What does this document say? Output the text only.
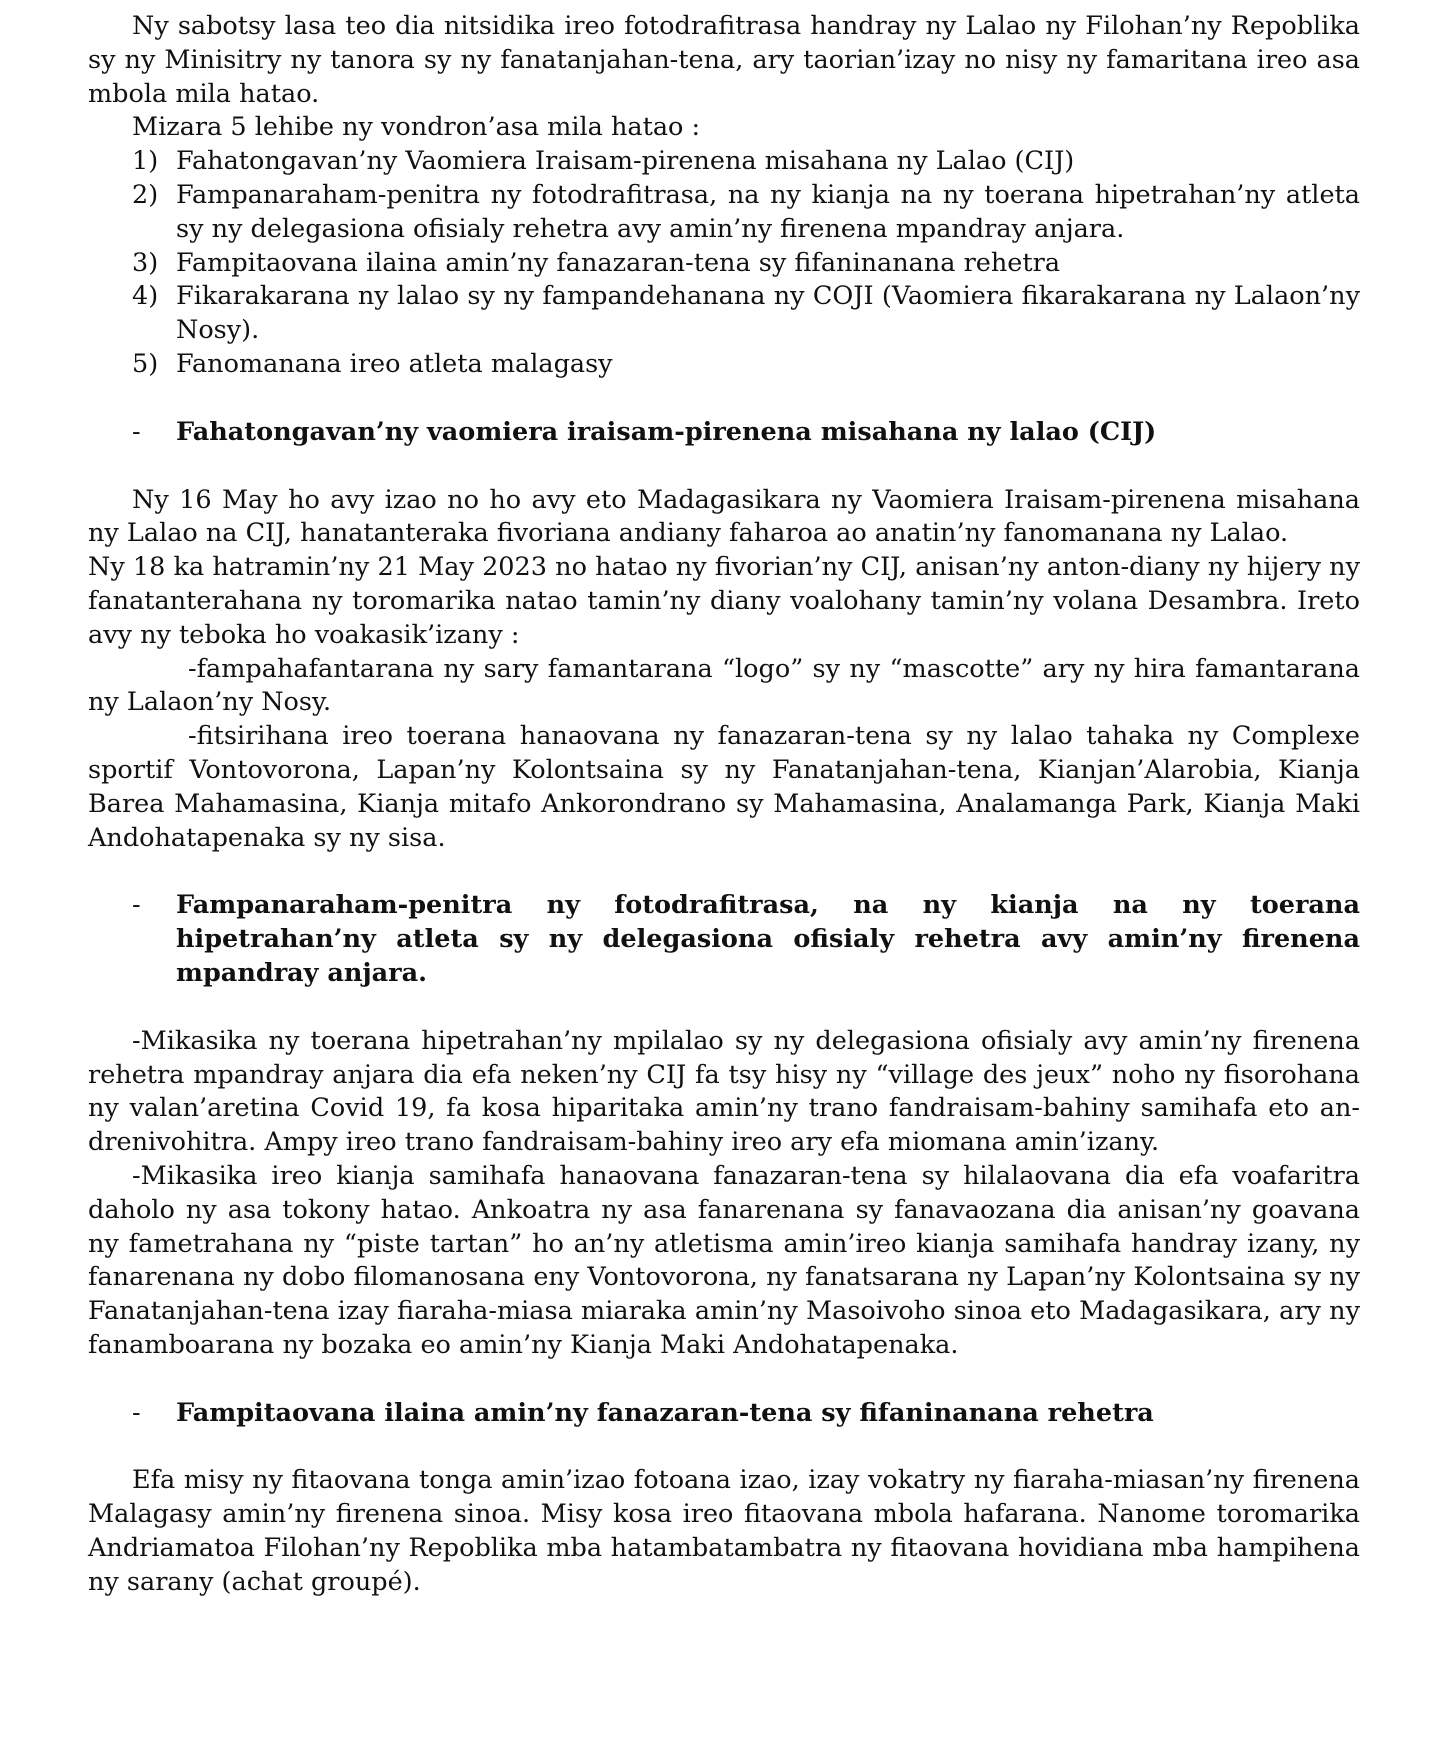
Ny sabotsy lasa teo dia nitsidika ireo fotodrafitrasa handray ny Lalao ny Filohan’ny Repoblika sy ny Minisitry ny tanora sy ny fanatanjahan-tena, ary taorian’izay no nisy ny famaritana ireo asa mbola mila hatao.

Mizara 5 lehibe ny vondron’asa mila hatao :

1) Fahatongavan’ny Vaomiera Iraisam-pirenena misahana ny Lalao (CIJ)
2) Fampanaraham-penitra ny fotodrafitrasa, na ny kianja na ny toerana hipetrahan’ny atleta sy ny delegasiona ofisialy rehetra avy amin’ny firenena mpandray anjara.
3) Fampitaovana ilaina amin’ny fanazaran-tena sy fifaninanana rehetra
4) Fikarakarana ny lalao sy ny fampandehanana ny COJI (Vaomiera fikarakarana ny Lalaon’ny Nosy).
5) Fanomanana ireo atleta malagasy
- Fahatongavan’ny vaomiera iraisam-pirenena misahana ny lalao (CIJ)

Ny 16 May ho avy izao no ho avy eto Madagasikara ny Vaomiera Iraisam-pirenena misahana ny Lalao na CIJ, hanatanteraka fivoriana andiany faharoa ao anatin’ny fanomanana ny Lalao.

Ny 18 ka hatramin’ny 21 May 2023 no hatao ny fivorian’ny CIJ, anisan’ny anton-diany ny hijery ny fanatanterahana ny toromarika natao tamin’ny diany voalohany tamin’ny volana Desambra. Ireto avy ny teboka ho voakasik’izany :

-fampahafantarana ny sary famantarana “logo” sy ny “mascotte” ary ny hira famantarana ny Lalaon’ny Nosy.

-fitsirihana ireo toerana hanaovana ny fanazaran-tena sy ny lalao tahaka ny Complexe sportif Vontovorona, Lapan’ny Kolontsaina sy ny Fanatanjahan-tena, Kianjan’Alarobia, Kianja Barea Mahamasina, Kianja mitafo Ankorondrano sy Mahamasina, Analamanga Park, Kianja Maki Andohatapenaka sy ny sisa.

- Fampanaraham-penitra ny fotodrafitrasa, na ny kianja na ny toerana hipetrahan’ny atleta sy ny delegasiona ofisialy rehetra avy amin’ny firenena mpandray anjara.

-Mikasika ny toerana hipetrahan’ny mpilalao sy ny delegasiona ofisialy avy amin’ny firenena rehetra mpandray anjara dia efa neken’ny CIJ fa tsy hisy ny “village des jeux” noho ny fisorohana ny valan’aretina Covid 19, fa kosa hiparitaka amin’ny trano fandraisam-bahiny samihafa eto an-drenivohitra. Ampy ireo trano fandraisam-bahiny ireo ary efa miomana amin’izany.

-Mikasika ireo kianja samihafa hanaovana fanazaran-tena sy hilalaovana dia efa voafaritra daholo ny asa tokony hatao. Ankoatra ny asa fanarenana sy fanavaozana dia anisan’ny goavana ny fametrahana ny “piste tartan” ho an’ny atletisma amin’ireo kianja samihafa handray izany, ny fanarenana ny dobo filomanosana eny Vontovorona, ny fanatsarana ny Lapan’ny Kolontsaina sy ny Fanatanjahan-tena izay fiaraha-miasa miaraka amin’ny Masoivoho sinoa eto Madagasikara, ary ny fanamboarana ny bozaka eo amin’ny Kianja Maki Andohatapenaka.

- Fampitaovana ilaina amin’ny fanazaran-tena sy fifaninanana rehetra

Efa misy ny fitaovana tonga amin’izao fotoana izao, izay vokatry ny fiaraha-miasan’ny firenena Malagasy amin’ny firenena sinoa. Misy kosa ireo fitaovana mbola hafarana. Nanome toromarika Andriamatoa Filohan’ny Repoblika mba hatambatambatra ny fitaovana hovidiana mba hampihena ny sarany (achat groupé).
